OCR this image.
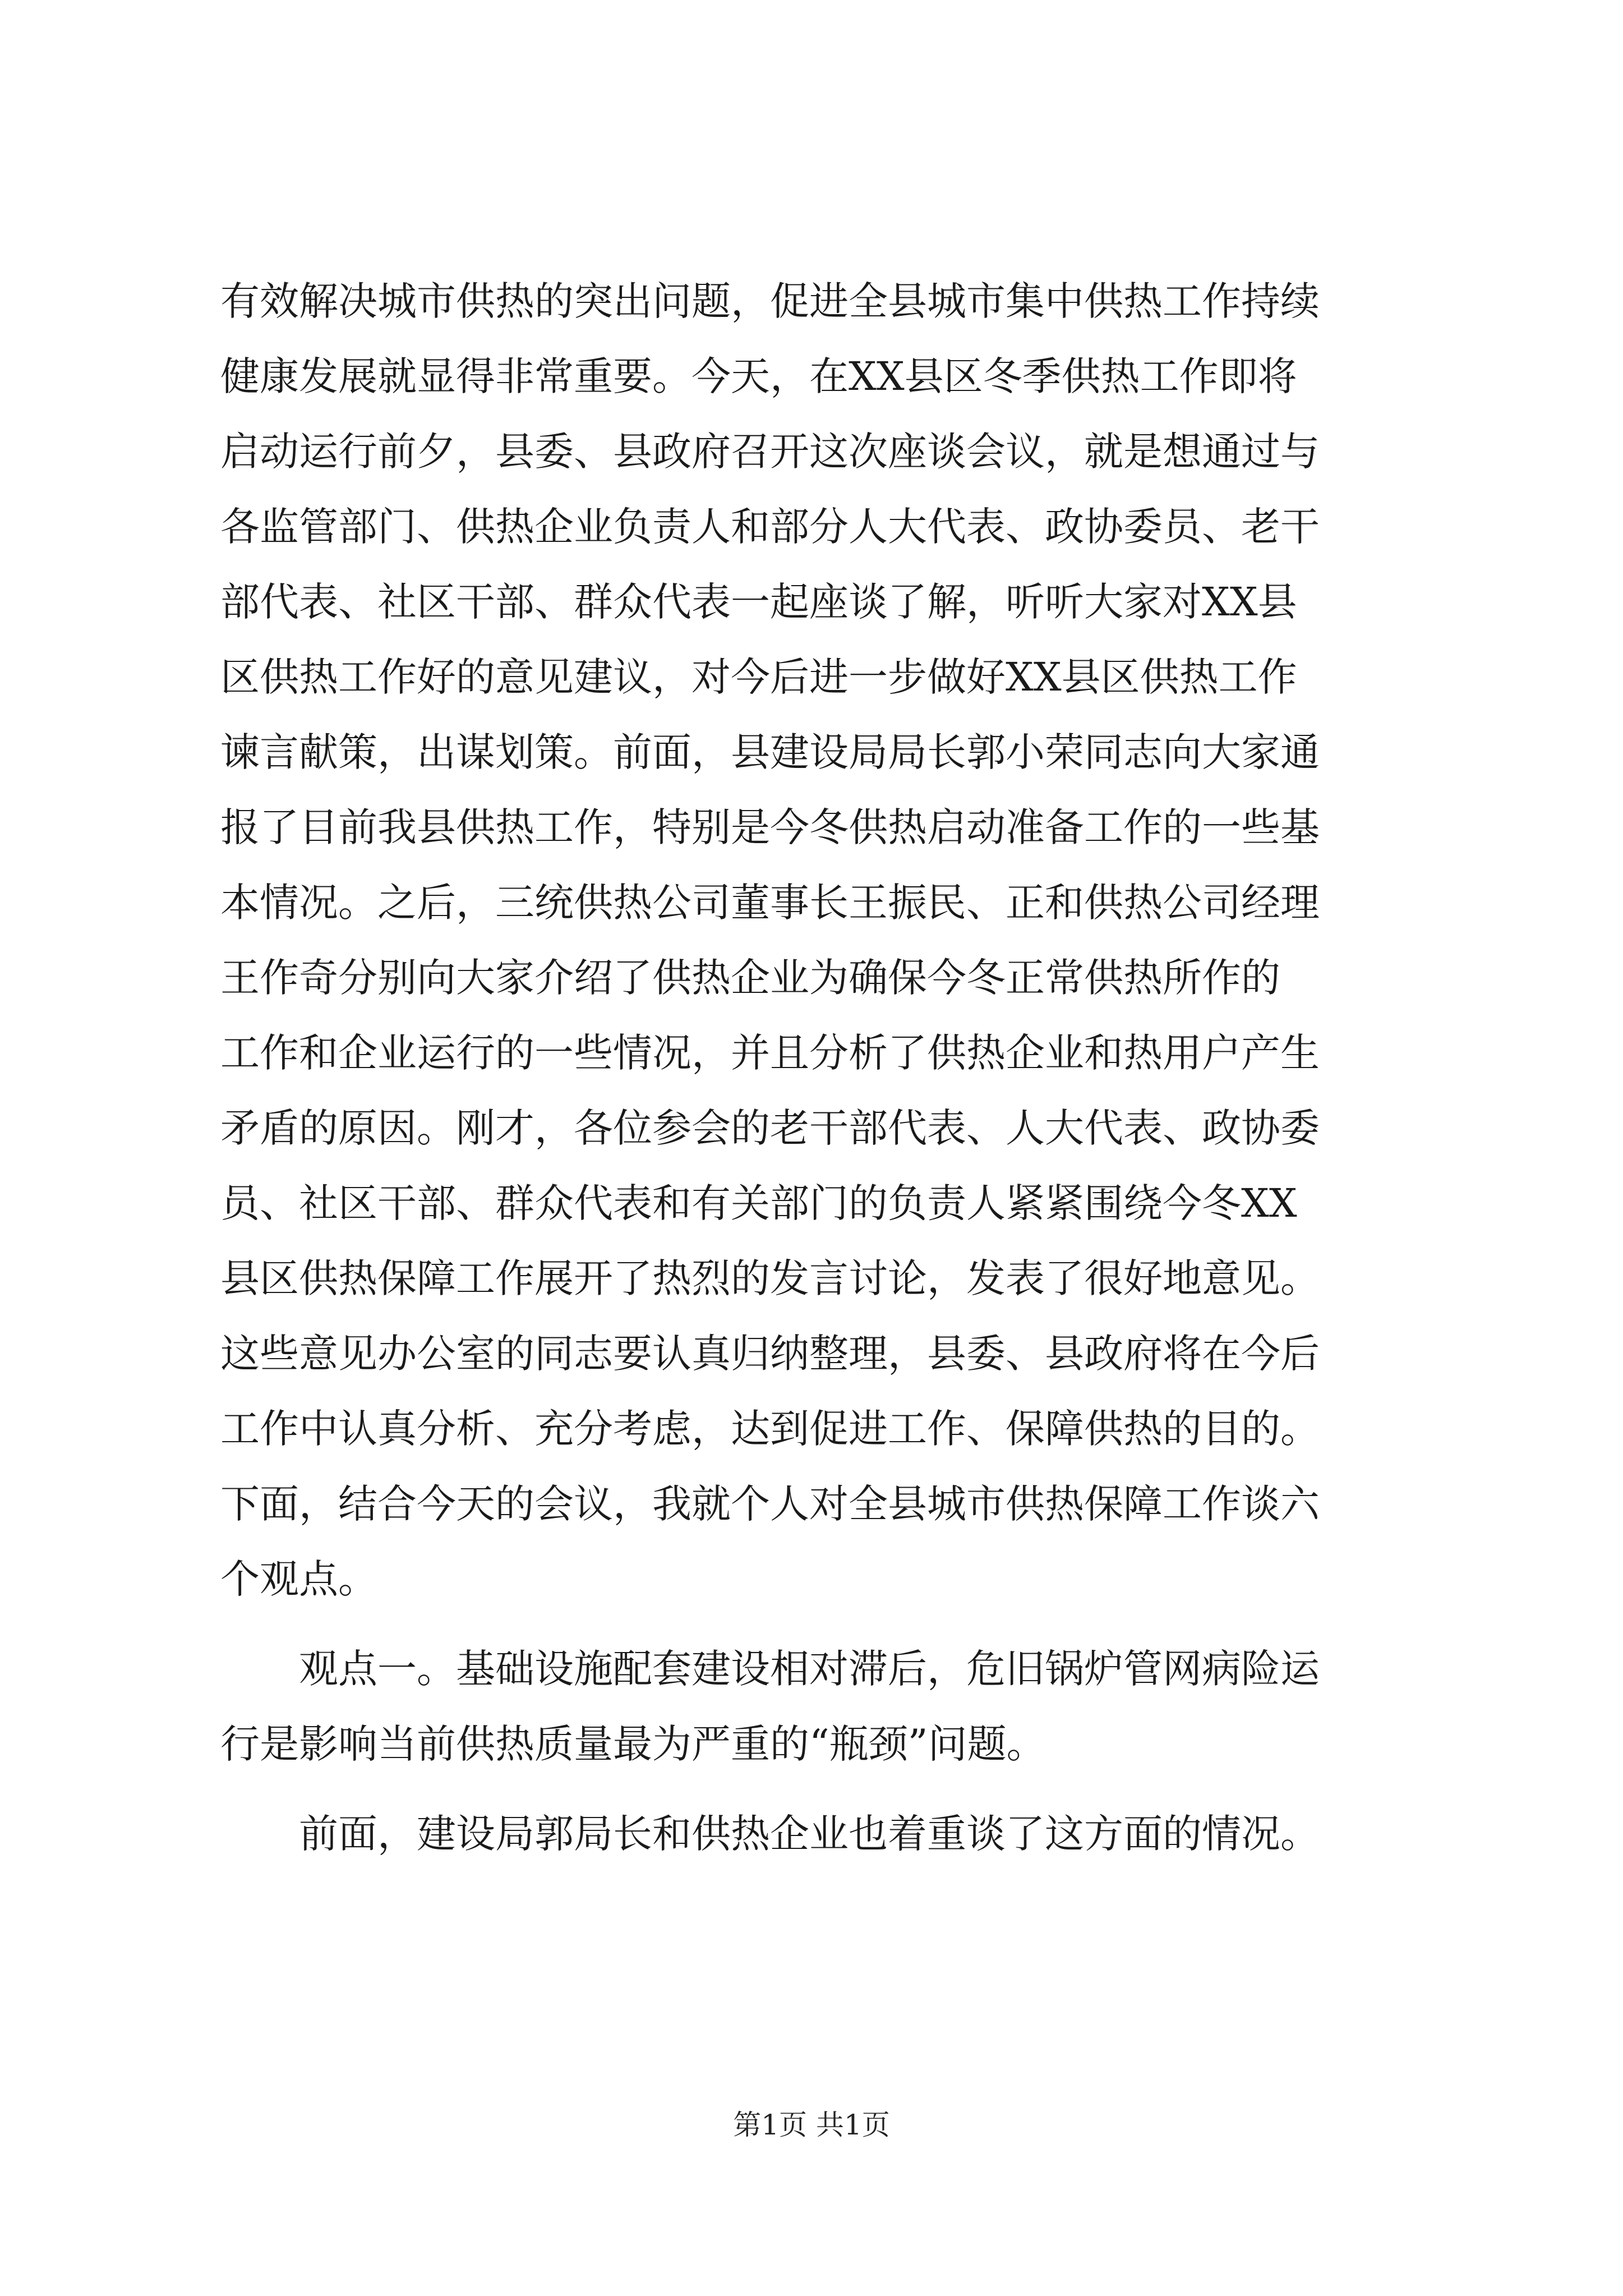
有效解决城市供热的突出问题，促进全县城市集中供热工作持续
健康发展就显得非常重要。今天，在XX县区冬季供热工作即将
启动运行前夕，县委、县政府召开这次座谈会议，就是想通过与
各监管部门、供热企业负责人和部分人大代表、政协委员、老干
部代表、社区干部、群众代表一起座谈了解，听听大家对XX县
区供热工作好的意见建议，对今后进一步做好XX县区供热工作
谏言献策，出谋划策。前面，县建设局局长郭小荣同志向大家通
报了目前我县供热工作，特别是今冬供热启动准备工作的一些基
本情况。之后，三统供热公司董事长王振民、正和供热公司经理
王作奇分别向大家介绍了供热企业为确保今冬正常供热所作的
工作和企业运行的一些情况，并且分析了供热企业和热用户产生
矛盾的原因。刚才，各位参会的老干部代表、人大代表、政协委
员、社区干部、群众代表和有关部门的负责人紧紧围绕今冬XX
县区供热保障工作展开了热烈的发言讨论，发表了很好地意见。
这些意见办公室的同志要认真归纳整理，县委、县政府将在今后
工作中认真分析、充分考虑，达到促进工作、保障供热的目的。
下面，结合今天的会议，我就个人对全县城市供热保障工作谈六
个观点。
观点一。基础设施配套建设相对滞后，危旧锅炉管网病险运
行是影响当前供热质量最为严重的“瓶颈”问题。
前面，建设局郭局长和供热企业也着重谈了这方面的情况。
第1页 共1页
